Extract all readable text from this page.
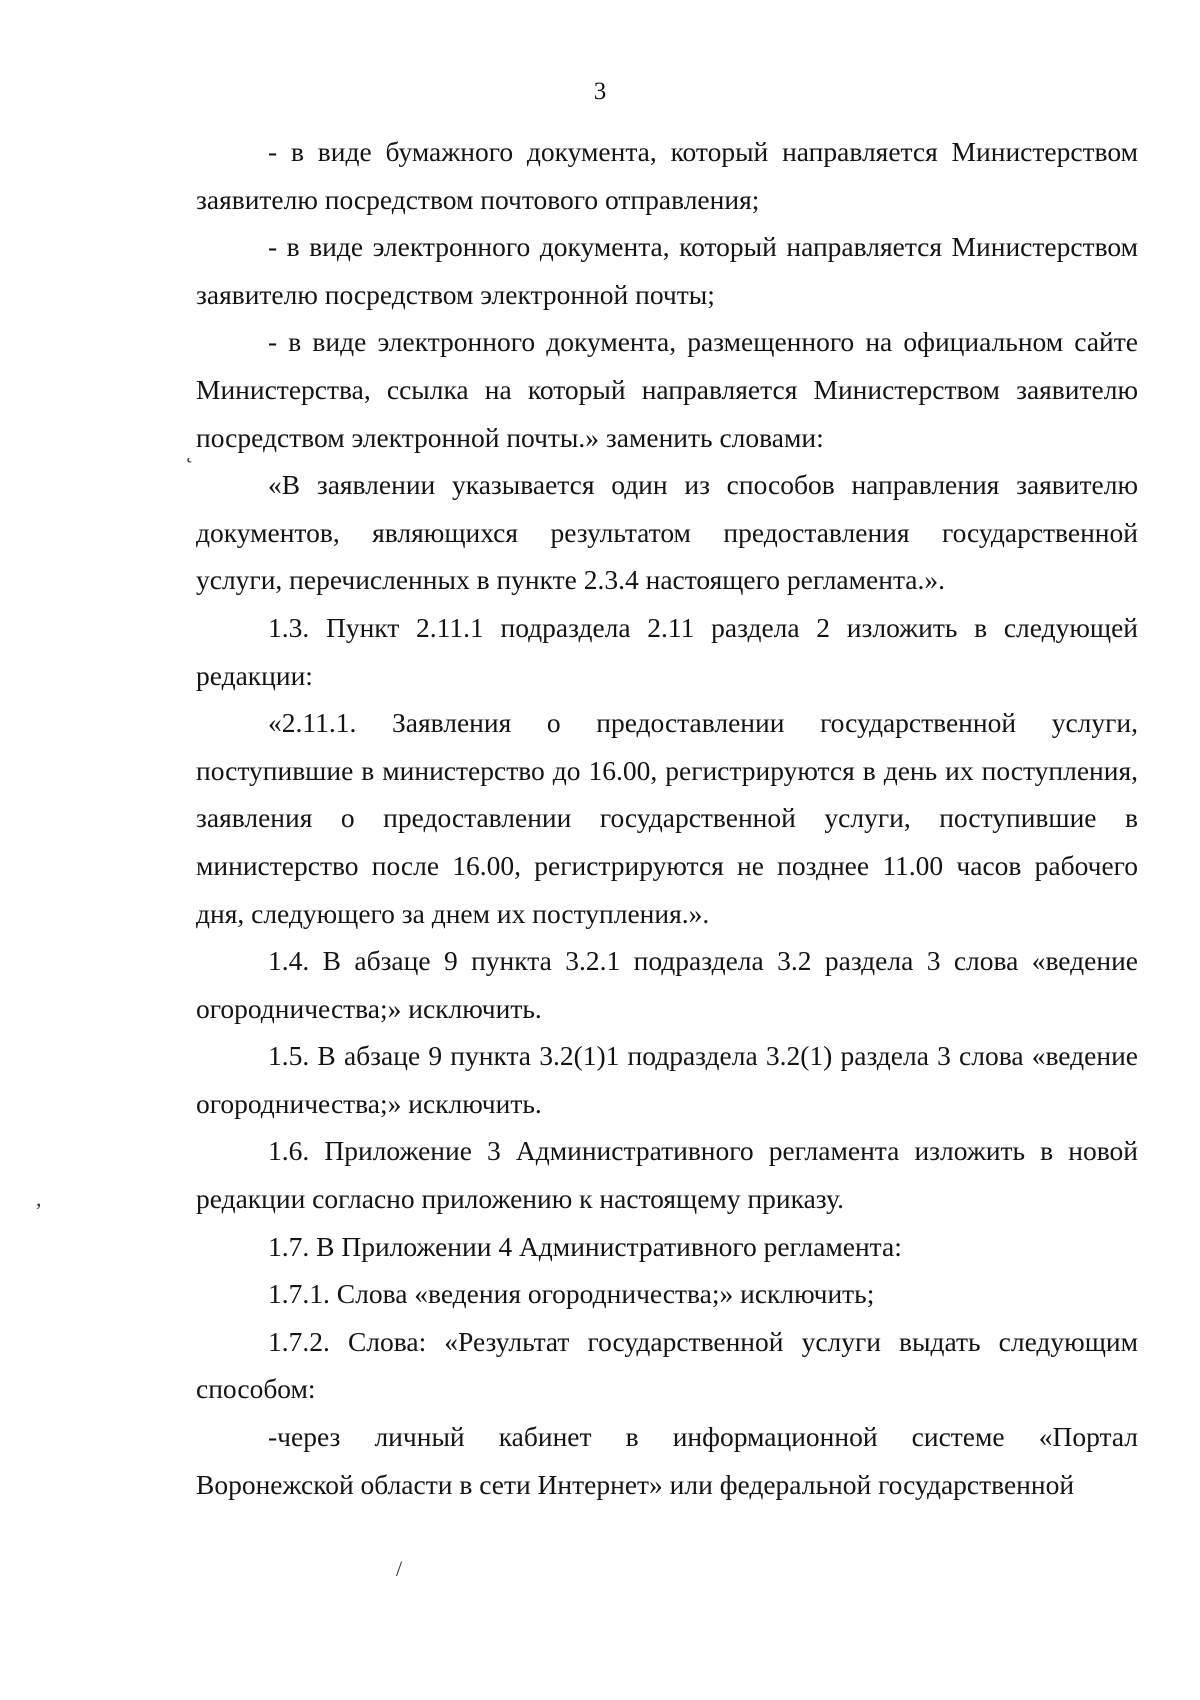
3
- в виде бумажного документа, который направляется Министерством
заявителю посредством почтового отправления;
- в виде электронного документа, который направляется Министерством
заявителю посредством электронной почты;
- в виде электронного документа, размещенного на официальном сайте
Министерства, ссылка на который направляется Министерством заявителю
посредством электронной почты.» заменить словами:
«В заявлении указывается один из способов направления заявителю
документов, являющихся результатом предоставления государственной
услуги, перечисленных в пункте 2.3.4 настоящего регламента.».
1.3. Пункт 2.11.1 подраздела 2.11 раздела 2 изложить в следующей
редакции:
«2.11.1. Заявления о предоставлении государственной услуги,
поступившие в министерство до 16.00, регистрируются в день их поступления,
заявления о предоставлении государственной услуги, поступившие в
министерство после 16.00, регистрируются не позднее 11.00 часов рабочего
дня, следующего за днем их поступления.».
1.4. В абзаце 9 пункта 3.2.1 подраздела 3.2 раздела 3 слова «ведение
огородничества;» исключить.
1.5. В абзаце 9 пункта 3.2(1)1 подраздела 3.2(1) раздела 3 слова «ведение
огородничества;» исключить.
1.6. Приложение 3 Административного регламента изложить в новой
редакции согласно приложению к настоящему приказу.
1.7. В Приложении 4 Административного регламента:
1.7.1. Слова «ведения огородничества;» исключить;
1.7.2. Слова: «Результат государственной услуги выдать следующим
способом:
-через личный кабинет в информационной системе «Портал
Воронежской области в сети Интернет» или федеральной государственной
˛
,
/
